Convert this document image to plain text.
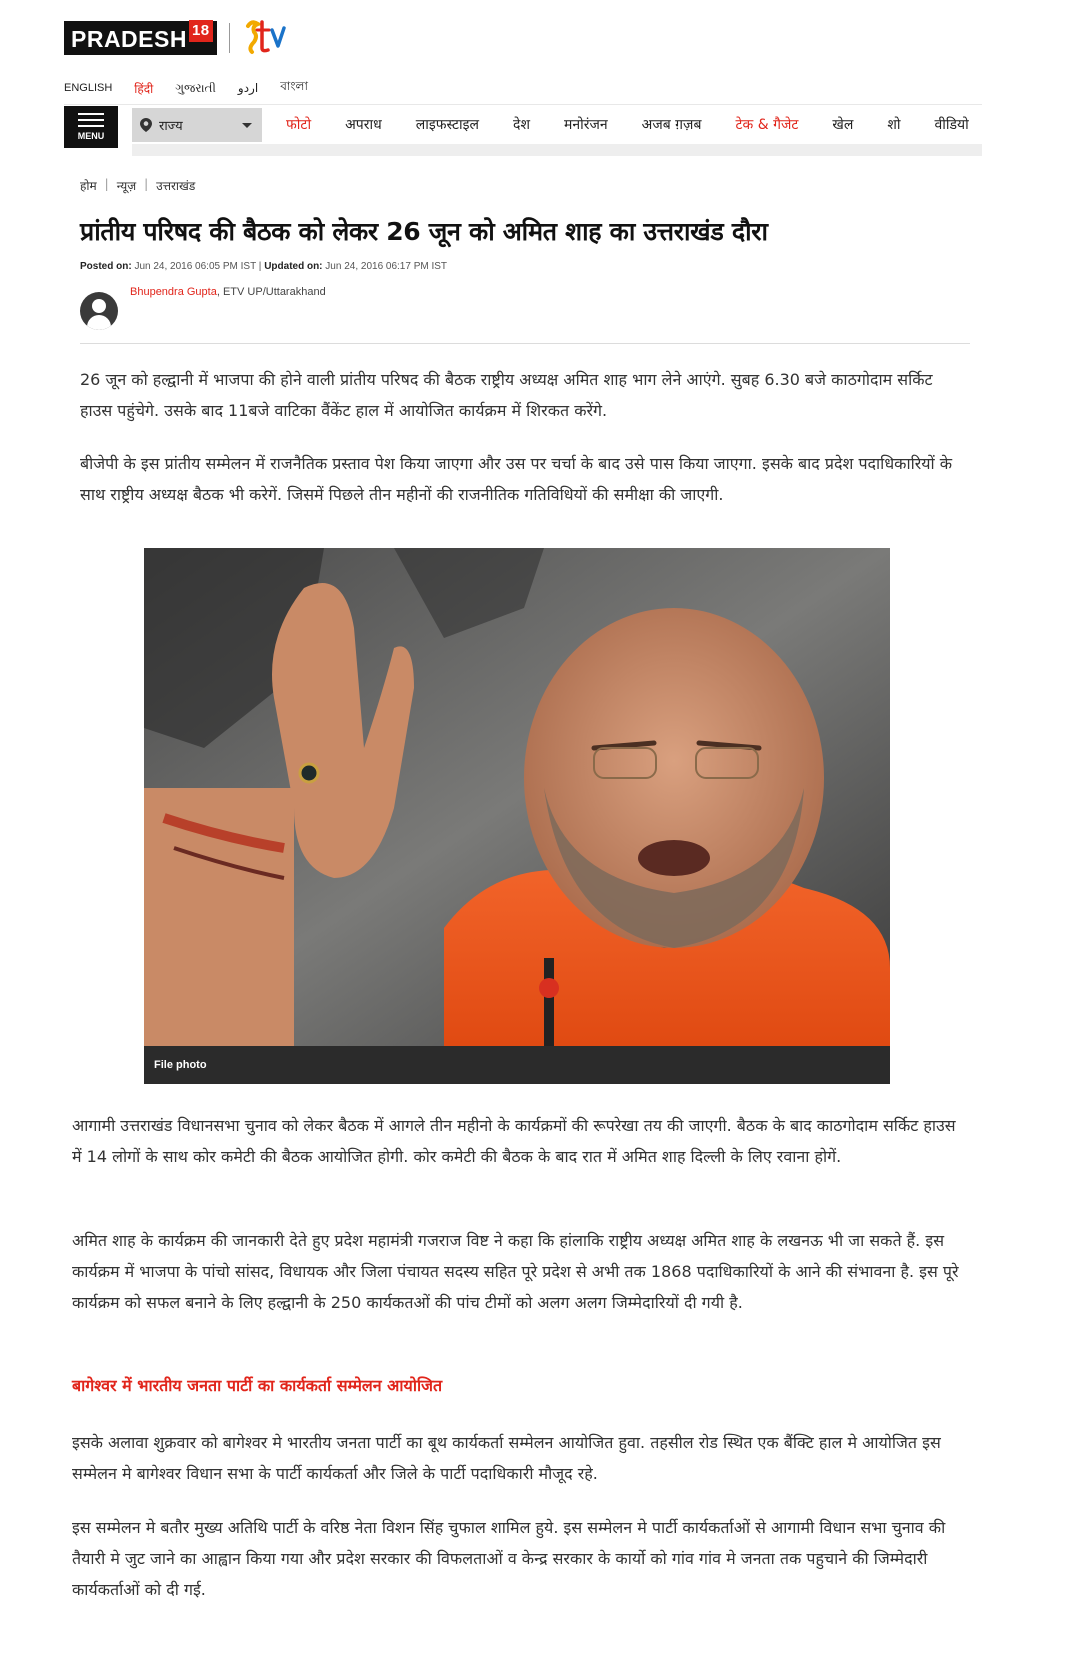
PRADESH 18
ENGLISH हिंदी ગુજરાતી اردو বাংলা
MENU
राज्य	फोटो अपराध लाइफस्टाइल देश मनोरंजन अजब ग़ज़ब टेक & गैजेट खेल शो वीडियो
होम | न्यूज़ | उत्तराखंड
प्रांतीय परिषद की बैठक को लेकर 26 जून को अमित शाह का उत्तराखंड दौरा
Posted on: Jun 24, 2016 06:05 PM IST | Updated on: Jun 24, 2016 06:17 PM IST
Bhupendra Gupta, ETV UP/Uttarakhand

26 जून को हल्द्वानी में भाजपा की होने वाली प्रांतीय परिषद की बैठक राष्ट्रीय अध्यक्ष अमित शाह भाग लेने आएंगे. सुबह 6.30 बजे काठगोदाम सर्किट हाउस पहुंचेगे. उसके बाद 11बजे वाटिका वैंकेंट हाल में आयोजित कार्यक्रम में शिरकत करेंगे.

बीजेपी के इस प्रांतीय सम्मेलन में राजनैतिक प्रस्ताव पेश किया जाएगा और उस पर चर्चा के बाद उसे पास किया जाएगा. इसके बाद प्रदेश पदाधिकारियों के साथ राष्ट्रीय अध्यक्ष बैठक भी करेगें. जिसमें पिछले तीन महीनों की राजनीतिक गतिविधियों की समीक्षा की जाएगी.

File photo

आगामी उत्तराखंड विधानसभा चुनाव को लेकर बैठक में आगले तीन महीनो के कार्यक्रमों की रूपरेखा तय की जाएगी. बैठक के बाद काठगोदाम सर्किट हाउस में 14 लोगों के साथ कोर कमेटी की बैठक आयोजित होगी. कोर कमेटी की बैठक के बाद रात में अमित शाह दिल्ली के लिए रवाना होगें.

अमित शाह के कार्यक्रम की जानकारी देते हुए प्रदेश महामंत्री गजराज विष्ट ने कहा कि हांलाकि राष्ट्रीय अध्यक्ष अमित शाह के लखनऊ भी जा सकते हैं. इस कार्यक्रम में भाजपा के पांचो सांसद, विधायक और जिला पंचायत सदस्य सहित पूरे प्रदेश से अभी तक 1868 पदाधिकारियों के आने की संभावना है. इस पूरे कार्यक्रम को सफल बनाने के लिए हल्द्वानी के 250 कार्यकतओं की पांच टीमों को अलग अलग जिम्मेदारियों दी गयी है.

बागेश्वर में भारतीय जनता पार्टी का कार्यकर्ता सम्मेलन आयोजित

इसके अलावा शुक्रवार को बागेश्वर मे भारतीय जनता पार्टी का बूथ कार्यकर्ता सम्मेलन आयोजित हुवा. तहसील रोड स्थित एक बैंक्टि हाल मे आयोजित इस सम्मेलन मे बागेश्वर विधान सभा के पार्टी कार्यकर्ता और जिले के पार्टी पदाधिकारी मौजूद रहे.

इस सम्मेलन मे बतौर मुख्य अतिथि पार्टी के वरिष्ठ नेता विशन सिंह चुफाल शामिल हुये. इस सम्मेलन मे पार्टी कार्यकर्ताओं से आगामी विधान सभा चुनाव की तैयारी मे जुट जाने का आह्वान किया गया और प्रदेश सरकार की विफलताओं व केन्द्र सरकार के कार्यो को गांव गांव मे जनता तक पहुचाने की जिम्मेदारी कार्यकर्ताओं को दी गई.
